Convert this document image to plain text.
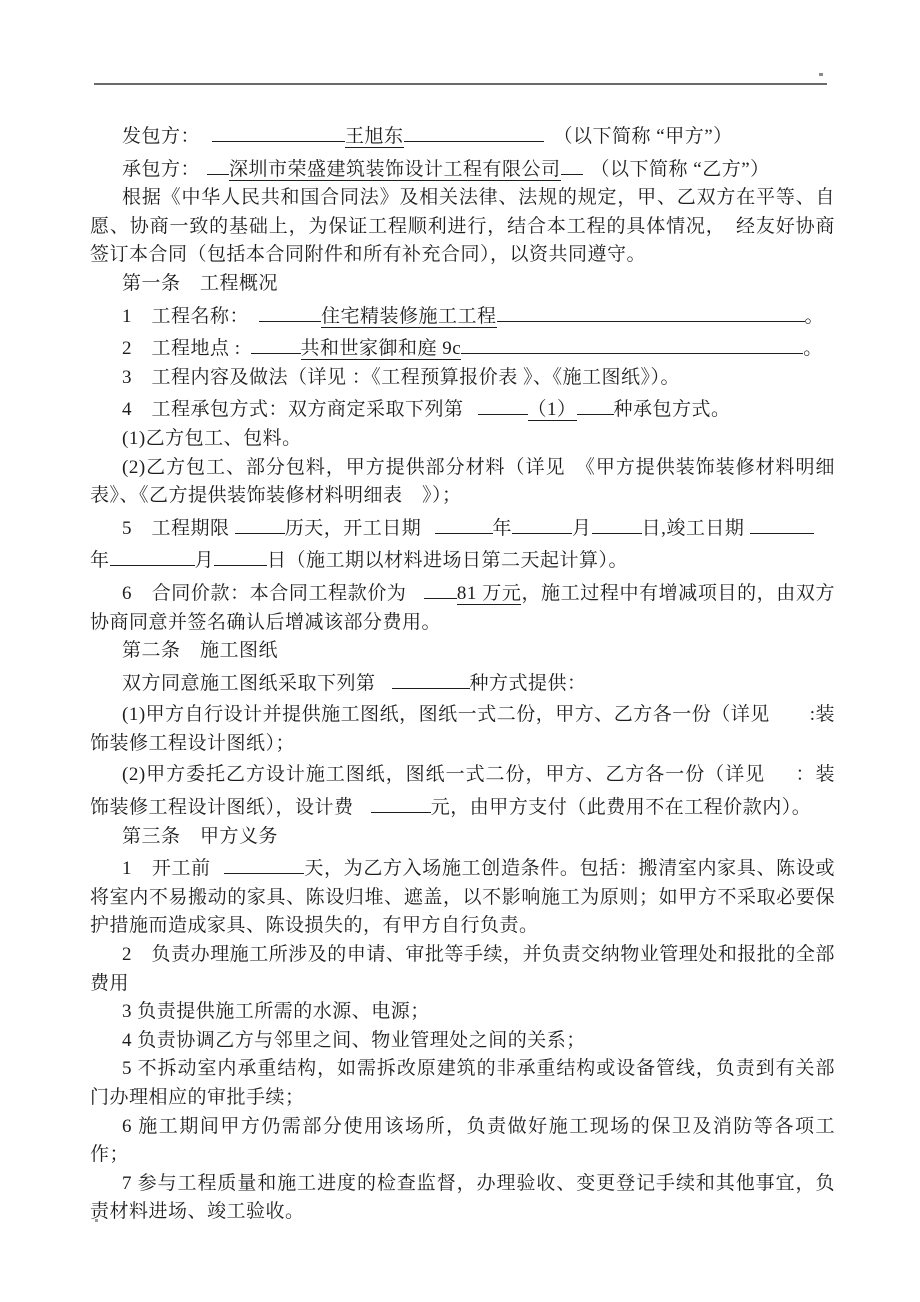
发包方：	王旭东	（以下简称 “甲方”）
承包方： 深圳市荣盛建筑装饰设计工程有限公司 （以下简称 “乙方”）
根据《中华人民共和国合同法》及相关法律、法规的规定，甲、乙双方在平等、自愿、协商一致的基础上，为保证工程顺利进行，结合本工程的具体情况，　经友好协商签订本合同（包括本合同附件和所有补充合同），以资共同遵守。
第一条　工程概况
1　工程名称：	住宅精装修施工工程	。
2　工程地点 :	共和世家御和庭 9c	。
3　工程内容及做法（详见 ：《工程预算报价表 》、《施工图纸》）。
4　工程承包方式：双方商定采取下列第	（1） 种承包方式。
(1)乙方包工、包料。
(2)乙方包工、部分包料，甲方提供部分材料（详见　《甲方提供装饰装修材料明细表》、《乙方提供装饰装修材料明细表　》）；
5　工程期限	历天，开工日期	年	月	日,竣工日期
年	月	日（施工期以材料进场日第二天起计算）。
6　合同价款：本合同工程款价为   81 万元，施工过程中有增减项目的，由双方协商同意并签名确认后增减该部分费用。
第二条　施工图纸
双方同意施工图纸采取下列第	种方式提供：
(1)甲方自行设计并提供施工图纸，图纸一式二份，甲方、乙方各一份（详见 :装饰装修工程设计图纸）；
(2)甲方委托乙方设计施工图纸，图纸一式二份，甲方、乙方各一份（详见 ：装饰装修工程设计图纸），设计费	元，由甲方支付（此费用不在工程价款内）。
第三条　甲方义务
1　开工前	天，为乙方入场施工创造条件。包括：搬清室内家具、陈设或将室内不易搬动的家具、陈设归堆、遮盖，以不影响施工为原则；如甲方不采取必要保护措施而造成家具、陈设损失的，有甲方自行负责。
2　负责办理施工所涉及的申请、审批等手续，并负责交纳物业管理处和报批的全部费用
3 负责提供施工所需的水源、电源；
4 负责协调乙方与邻里之间、物业管理处之间的关系；
5 不拆动室内承重结构，如需拆改原建筑的非承重结构或设备管线，负责到有关部门办理相应的审批手续；
6 施工期间甲方仍需部分使用该场所，负责做好施工现场的保卫及消防等各项工作；
7 参与工程质量和施工进度的检查监督，办理验收、变更登记手续和其他事宜，负责材料进场、竣工验收。
